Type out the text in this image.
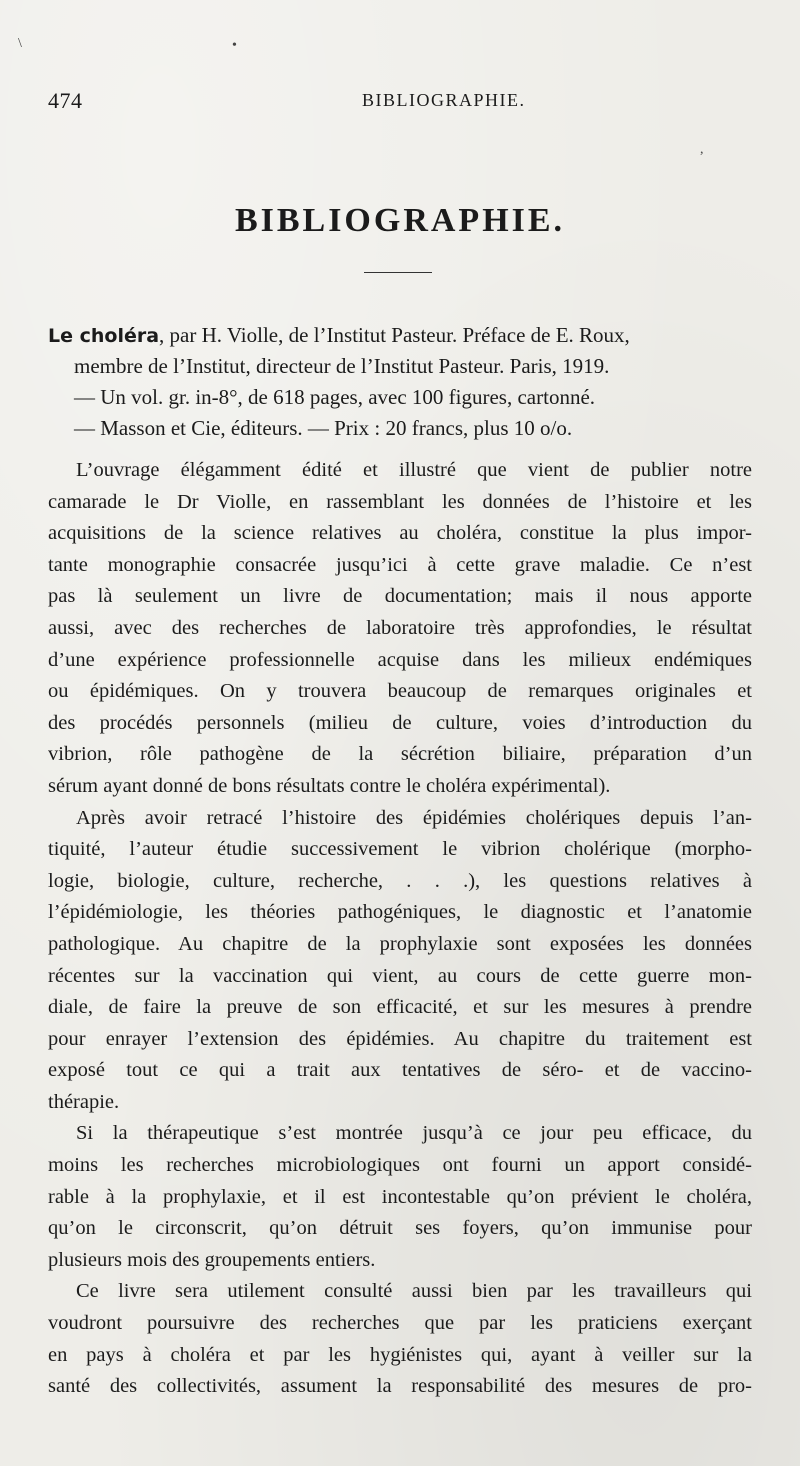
474	BIBLIOGRAPHIE.
BIBLIOGRAPHIE.
Le choléra, par H. Violle, de l’Institut Pasteur. Préface de E. Roux,
membre de l’Institut, directeur de l’Institut Pasteur. Paris, 1919.
— Un vol. gr. in-8°, de 618 pages, avec 100 figures, cartonné.
— Masson et Cie, éditeurs. — Prix : 20 francs, plus 10 o/o.
L’ouvrage élégamment édité et illustré que vient de publier notre
camarade le Dr Violle, en rassemblant les données de l’histoire et les
acquisitions de la science relatives au choléra, constitue la plus impor-
tante monographie consacrée jusqu’ici à cette grave maladie. Ce n’est
pas là seulement un livre de documentation; mais il nous apporte
aussi, avec des recherches de laboratoire très approfondies, le résultat
d’une expérience professionnelle acquise dans les milieux endémiques
ou épidémiques. On y trouvera beaucoup de remarques originales et
des procédés personnels (milieu de culture, voies d’introduction du
vibrion, rôle pathogène de la sécrétion biliaire, préparation d’un
sérum ayant donné de bons résultats contre le choléra expérimental).
Après avoir retracé l’histoire des épidémies cholériques depuis l’an-
tiquité, l’auteur étudie successivement le vibrion cholérique (morpho-
logie, biologie, culture, recherche, . . .), les questions relatives à
l’épidémiologie, les théories pathogéniques, le diagnostic et l’anatomie
pathologique. Au chapitre de la prophylaxie sont exposées les données
récentes sur la vaccination qui vient, au cours de cette guerre mon-
diale, de faire la preuve de son efficacité, et sur les mesures à prendre
pour enrayer l’extension des épidémies. Au chapitre du traitement est
exposé tout ce qui a trait aux tentatives de séro- et de vaccino-
thérapie.
Si la thérapeutique s’est montrée jusqu’à ce jour peu efficace, du
moins les recherches microbiologiques ont fourni un apport considé-
rable à la prophylaxie, et il est incontestable qu’on prévient le choléra,
qu’on le circonscrit, qu’on détruit ses foyers, qu’on immunise pour
plusieurs mois des groupements entiers.
Ce livre sera utilement consulté aussi bien par les travailleurs qui
voudront poursuivre des recherches que par les praticiens exerçant
en pays à choléra et par les hygiénistes qui, ayant à veiller sur la
santé des collectivités, assument la responsabilité des mesures de pro-
\	•
,
